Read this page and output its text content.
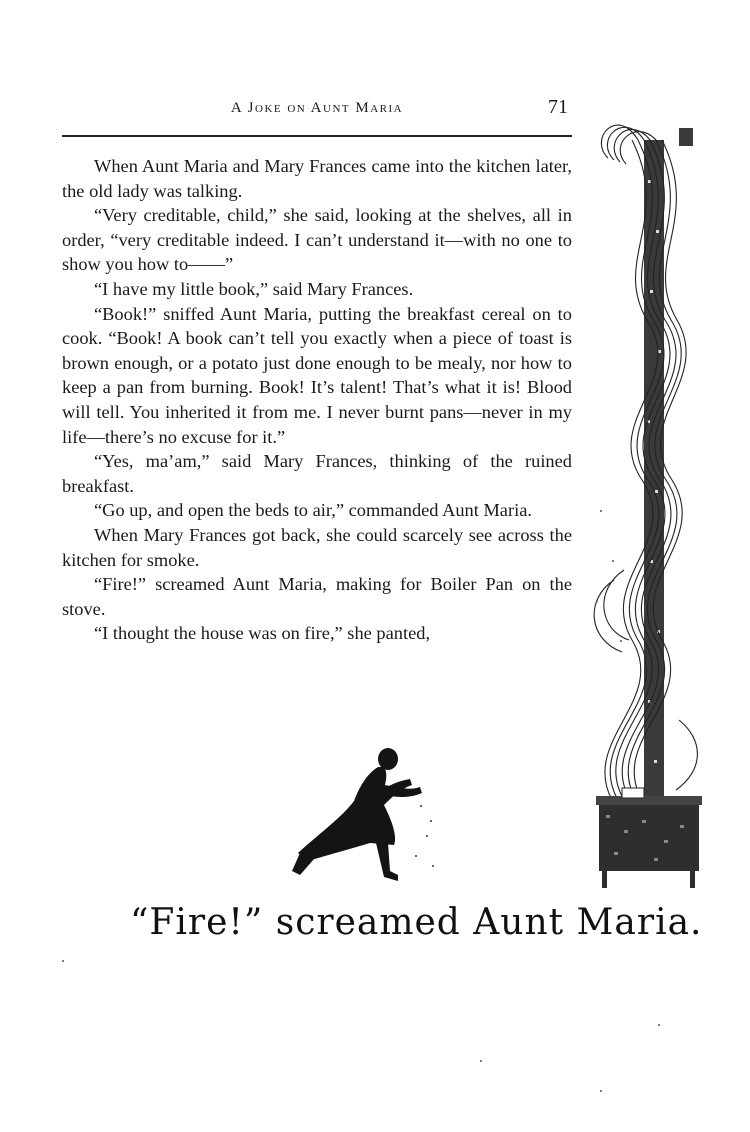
A Joke on Aunt Maria	71

When Aunt Maria and Mary Frances came into the kitchen later, the old lady was talking.

“Very creditable, child,” she said, looking at the shelves, all in order, “very creditable indeed. I can’t understand it—with no one to show you how to——”

“I have my little book,” said Mary Frances.

“Book!” sniffed Aunt Maria, putting the breakfast cereal on to cook. “Book! A book can’t tell you exactly when a piece of toast is brown enough, or a potato just done enough to be mealy, nor how to keep a pan from burning. Book! It’s talent! That’s what it is! Blood will tell. You inherited it from me. I never burnt pans—never in my life—there’s no excuse for it.”

“Yes, ma’am,” said Mary Frances, thinking of the ruined breakfast.

“Go up, and open the beds to air,” commanded Aunt Maria.

When Mary Frances got back, she could scarcely see across the kitchen for smoke.

“Fire!” screamed Aunt Maria, making for Boiler Pan on the stove.

“I thought the house was on fire,” she panted,

“Fire!” screamed Aunt Maria.
